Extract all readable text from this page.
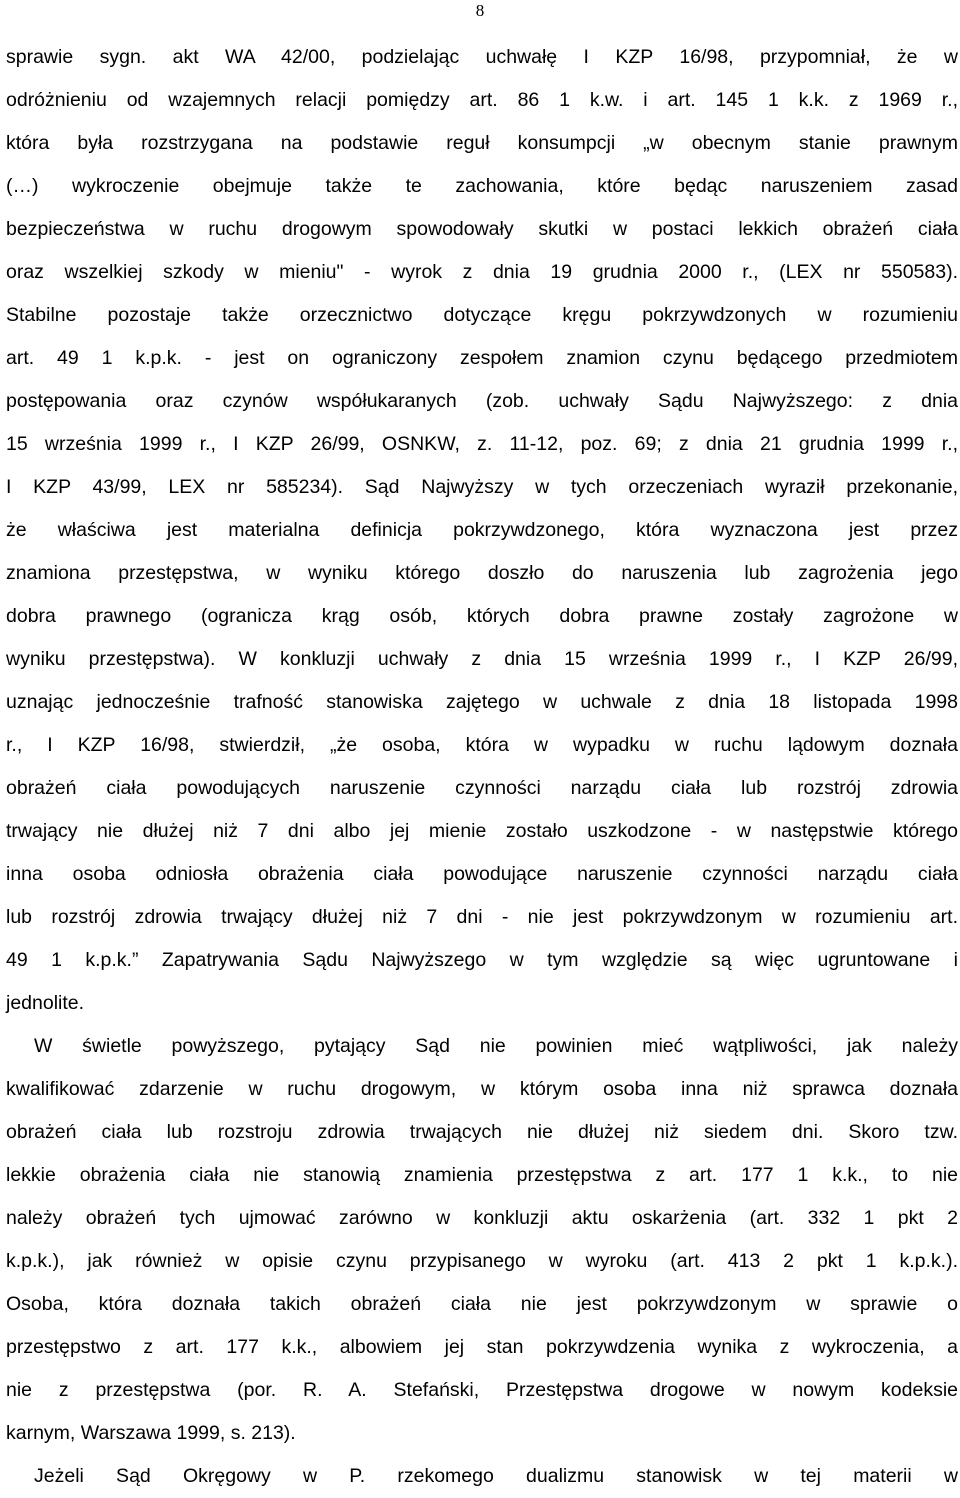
8
sprawie sygn. akt WA 42/00, podzielając uchwałę I KZP 16/98, przypomniał, że w
odróżnieniu od wzajemnych relacji pomiędzy art. 86 1 k.w. i art. 145 1 k.k. z 1969 r.,
która była rozstrzygana na podstawie reguł konsumpcji „w obecnym stanie prawnym
(…) wykroczenie obejmuje także te zachowania, które będąc naruszeniem zasad
bezpieczeństwa w ruchu drogowym spowodowały skutki w postaci lekkich obrażeń ciała
oraz wszelkiej szkody w mieniu" - wyrok z dnia 19 grudnia 2000 r., (LEX nr 550583).
Stabilne pozostaje także orzecznictwo dotyczące kręgu pokrzywdzonych w rozumieniu
art. 49 1 k.p.k. - jest on ograniczony zespołem znamion czynu będącego przedmiotem
postępowania oraz czynów współukaranych (zob. uchwały Sądu Najwyższego: z dnia
15 września 1999 r., I KZP 26/99, OSNKW, z. 11-12, poz. 69; z dnia 21 grudnia 1999 r.,
I KZP 43/99, LEX nr 585234). Sąd Najwyższy w tych orzeczeniach wyraził przekonanie,
że właściwa jest materialna definicja pokrzywdzonego, która wyznaczona jest przez
znamiona przestępstwa, w wyniku którego doszło do naruszenia lub zagrożenia jego
dobra prawnego (ogranicza krąg osób, których dobra prawne zostały zagrożone w
wyniku przestępstwa). W konkluzji uchwały z dnia 15 września 1999 r., I KZP 26/99,
uznając jednocześnie trafność stanowiska zajętego w uchwale z dnia 18 listopada 1998
r., I KZP 16/98, stwierdził, „że osoba, która w wypadku w ruchu lądowym doznała
obrażeń ciała powodujących naruszenie czynności narządu ciała lub rozstrój zdrowia
trwający nie dłużej niż 7 dni albo jej mienie zostało uszkodzone - w następstwie którego
inna osoba odniosła obrażenia ciała powodujące naruszenie czynności narządu ciała
lub rozstrój zdrowia trwający dłużej niż 7 dni - nie jest pokrzywdzonym w rozumieniu art.
49 1 k.p.k.” Zapatrywania Sądu Najwyższego w tym względzie są więc ugruntowane i
jednolite.
W świetle powyższego, pytający Sąd nie powinien mieć wątpliwości, jak należy
kwalifikować zdarzenie w ruchu drogowym, w którym osoba inna niż sprawca doznała
obrażeń ciała lub rozstroju zdrowia trwających nie dłużej niż siedem dni. Skoro tzw.
lekkie obrażenia ciała nie stanowią znamienia przestępstwa z art. 177 1 k.k., to nie
należy obrażeń tych ujmować zarówno w konkluzji aktu oskarżenia (art. 332 1 pkt 2
k.p.k.), jak również w opisie czynu przypisanego w wyroku (art. 413 2 pkt 1 k.p.k.).
Osoba, która doznała takich obrażeń ciała nie jest pokrzywdzonym w sprawie o
przestępstwo z art. 177 k.k., albowiem jej stan pokrzywdzenia wynika z wykroczenia, a
nie z przestępstwa (por. R. A. Stefański, Przestępstwa drogowe w nowym kodeksie
karnym, Warszawa 1999, s. 213).
Jeżeli Sąd Okręgowy w P. rzekomego dualizmu stanowisk w tej materii w
